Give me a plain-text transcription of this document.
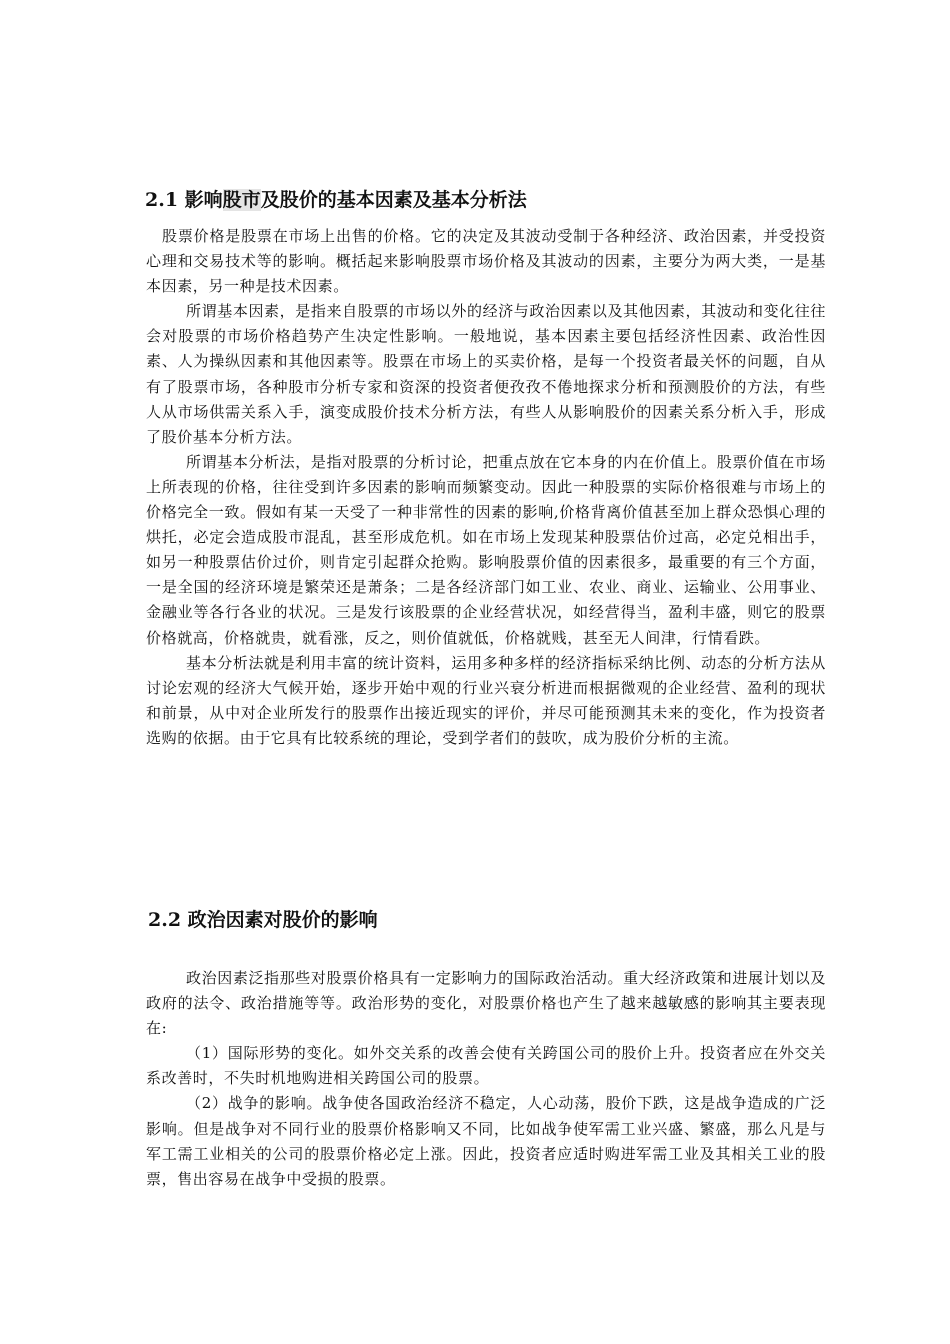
2.1 影响股市及股价的基本因素及基本分析法

股票价格是股票在市场上出售的价格。它的决定及其波动受制于各种经济、政治因素，并受投资心理和交易技术等的影响。概括起来影响股票市场价格及其波动的因素，主要分为两大类，一是基本因素，另一种是技术因素。

所谓基本因素，是指来自股票的市场以外的经济与政治因素以及其他因素，其波动和变化往往会对股票的市场价格趋势产生决定性影响。一般地说，基本因素主要包括经济性因素、政治性因素、人为操纵因素和其他因素等。股票在市场上的买卖价格，是每一个投资者最关怀的问题，自从有了股票市场，各种股市分析专家和资深的投资者便孜孜不倦地探求分析和预测股价的方法，有些人从市场供需关系入手，演变成股价技术分析方法，有些人从影响股价的因素关系分析入手，形成了股价基本分析方法。

所谓基本分析法，是指对股票的分析讨论，把重点放在它本身的内在价值上。股票价值在市场上所表现的价格，往往受到许多因素的影响而频繁变动。因此一种股票的实际价格很难与市场上的价格完全一致。假如有某一天受了一种非常性的因素的影响,价格背离价值甚至加上群众恐惧心理的烘托，必定会造成股市混乱，甚至形成危机。如在市场上发现某种股票估价过高，必定兑相出手，如另一种股票估价过价，则肯定引起群众抢购。影响股票价值的因素很多，最重要的有三个方面，一是全国的经济环境是繁荣还是萧条；二是各经济部门如工业、农业、商业、运输业、公用事业、金融业等各行各业的状况。三是发行该股票的企业经营状况，如经营得当，盈利丰盛，则它的股票价格就高，价格就贵，就看涨，反之，则价值就低，价格就贱，甚至无人间津，行情看跌。

基本分析法就是利用丰富的统计资料，运用多种多样的经济指标采纳比例、动态的分析方法从讨论宏观的经济大气候开始，逐步开始中观的行业兴衰分析进而根据微观的企业经营、盈利的现状和前景，从中对企业所发行的股票作出接近现实的评价，并尽可能预测其未来的变化，作为投资者选购的依据。由于它具有比较系统的理论，受到学者们的鼓吹，成为股价分析的主流。

2.2 政治因素对股价的影响

政治因素泛指那些对股票价格具有一定影响力的国际政治活动。重大经济政策和进展计划以及政府的法令、政治措施等等。政治形势的变化，对股票价格也产生了越来越敏感的影响其主要表现在:

（1）国际形势的变化。如外交关系的改善会使有关跨国公司的股价上升。投资者应在外交关系改善时，不失时机地购进相关跨国公司的股票。

（2）战争的影响。战争使各国政治经济不稳定，人心动荡，股价下跌，这是战争造成的广泛影响。但是战争对不同行业的股票价格影响又不同，比如战争使军需工业兴盛、繁盛，那么凡是与军工需工业相关的公司的股票价格必定上涨。因此，投资者应适时购进军需工业及其相关工业的股票，售出容易在战争中受损的股票。
